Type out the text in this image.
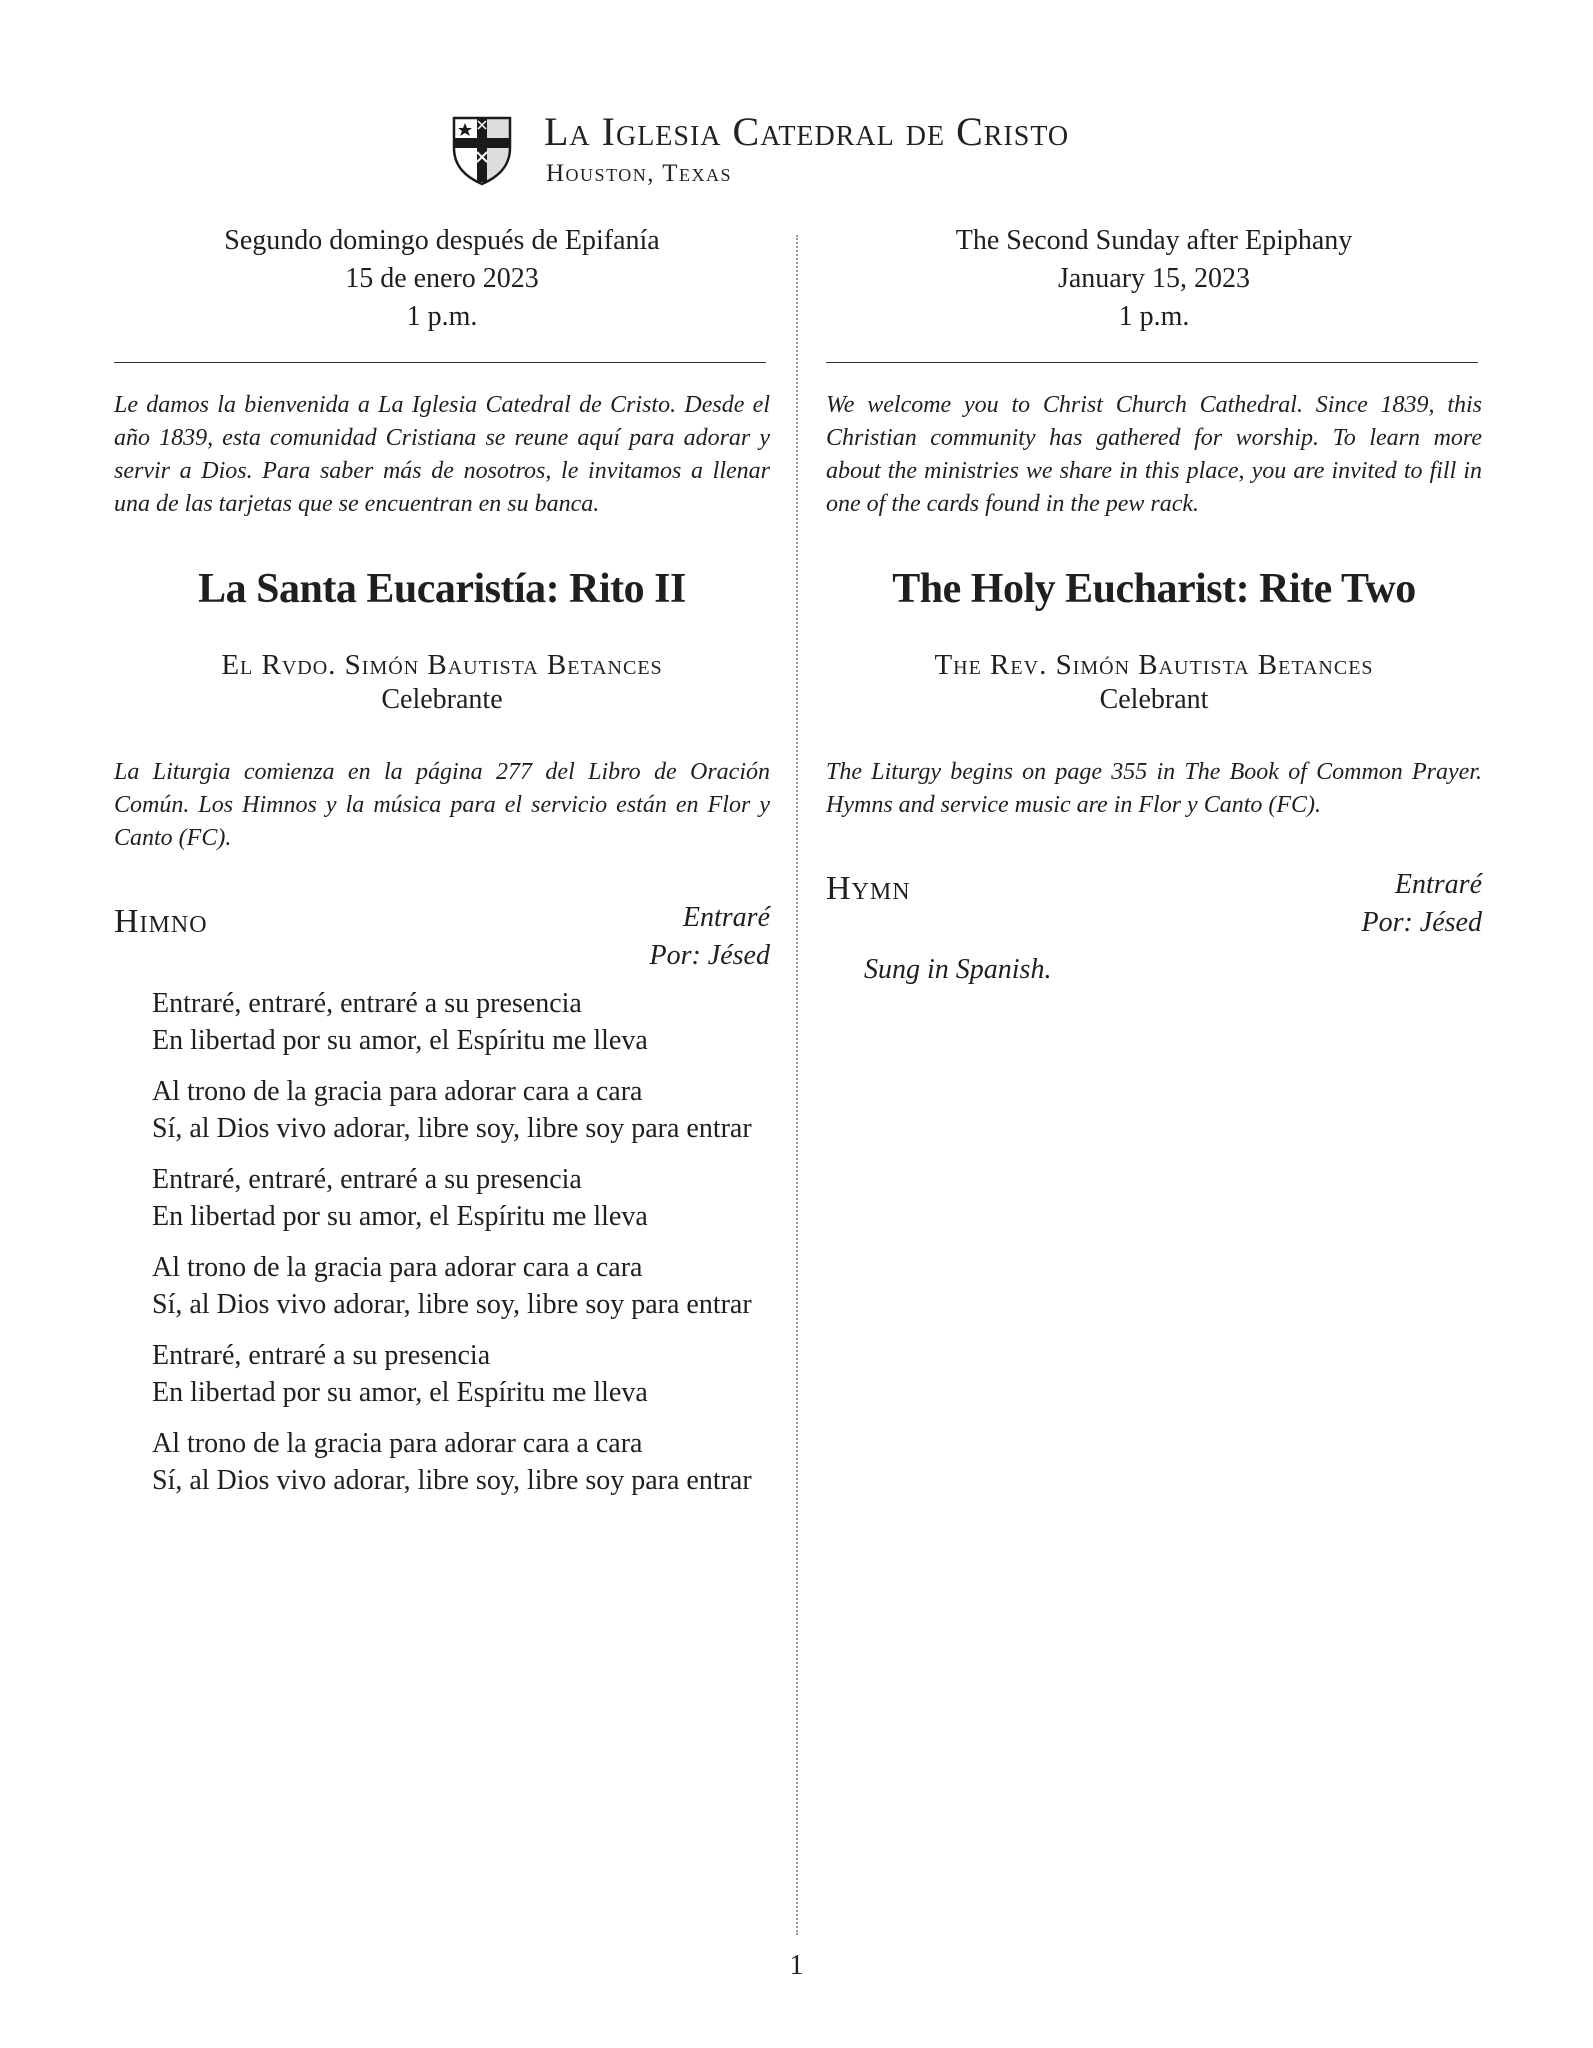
La Iglesia Catedral de Cristo
Houston, Texas
Segundo domingo después de Epifanía
15 de enero 2023
1 p.m.
Le damos la bienvenida a La Iglesia Catedral de Cristo. Desde el año 1839, esta comunidad Cristiana se reune aquí para adorar y servir a Dios. Para saber más de nosotros, le invitamos a llenar una de las tarjetas que se encuentran en su banca.
La Santa Eucaristía: Rito II
El Rvdo. Simón Bautista Betances
Celebrante
La Liturgia comienza en la página 277 del Libro de Oración Común. Los Himnos y la música para el servicio están en Flor y Canto (FC).
Himno	Entraré
Por: Jésed
Entraré, entraré, entraré a su presencia
En libertad por su amor, el Espíritu me lleva
Al trono de la gracia para adorar cara a cara
Sí, al Dios vivo adorar, libre soy, libre soy para entrar
Entraré, entraré, entraré a su presencia
En libertad por su amor, el Espíritu me lleva
Al trono de la gracia para adorar cara a cara
Sí, al Dios vivo adorar, libre soy, libre soy para entrar
Entraré, entraré a su presencia
En libertad por su amor, el Espíritu me lleva
Al trono de la gracia para adorar cara a cara
Sí, al Dios vivo adorar, libre soy, libre soy para entrar
The Second Sunday after Epiphany
January 15, 2023
1 p.m.
We welcome you to Christ Church Cathedral. Since 1839, this Christian community has gathered for worship. To learn more about the ministries we share in this place, you are invited to fill in one of the cards found in the pew rack.
The Holy Eucharist: Rite Two
The Rev. Simón Bautista Betances
Celebrant
The Liturgy begins on page 355 in The Book of Common Prayer. Hymns and service music are in Flor y Canto (FC).
Hymn	Entraré
Por: Jésed
Sung in Spanish.
1
